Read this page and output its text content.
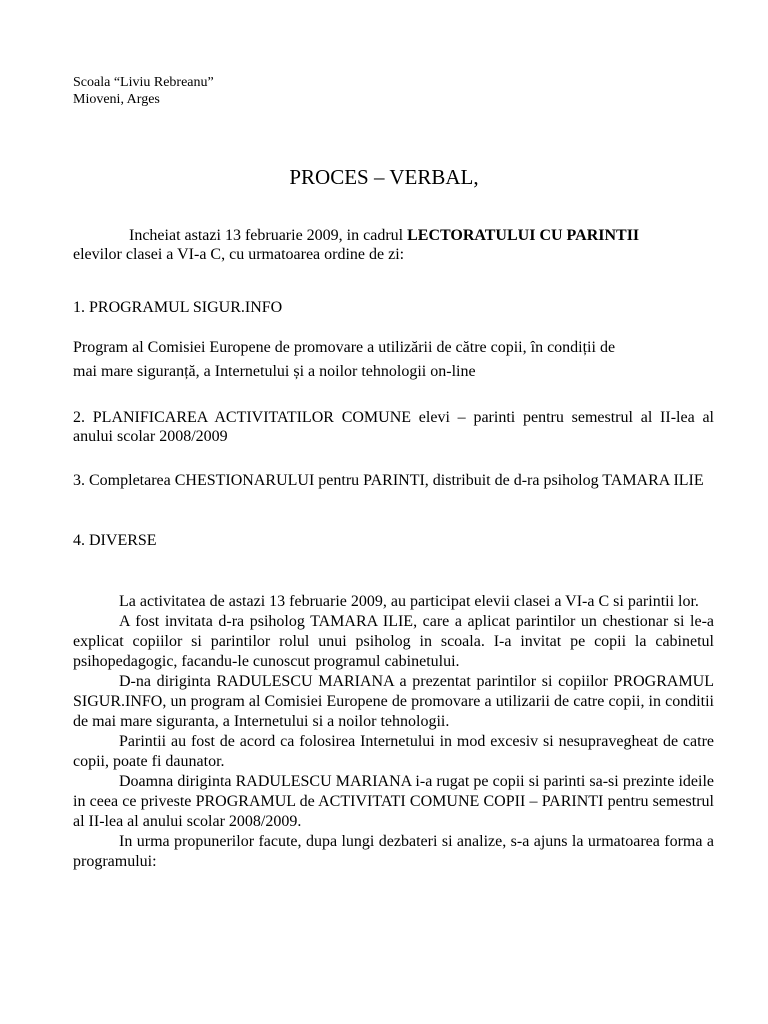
Scoala “Liviu Rebreanu”
Mioveni, Arges
PROCES – VERBAL,
Incheiat astazi 13 februarie 2009, in cadrul LECTORATULUI CU PARINTII
elevilor clasei a VI-a C, cu urmatoarea ordine de zi:
1. PROGRAMUL SIGUR.INFO
Program al Comisiei Europene de promovare a utilizării de către copii, în condiții de
mai mare siguranță, a Internetului și a noilor tehnologii on-line
2. PLANIFICAREA ACTIVITATILOR COMUNE elevi – parinti pentru semestrul al II-lea al anului scolar 2008/2009
3. Completarea CHESTIONARULUI pentru PARINTI, distribuit de d-ra psiholog TAMARA ILIE
4. DIVERSE

La activitatea de astazi 13 februarie 2009, au participat elevii clasei a VI-a C si parintii lor.

A fost invitata d-ra psiholog TAMARA ILIE, care a aplicat parintilor un chestionar si le-a explicat copiilor si parintilor rolul unui psiholog in scoala. I-a invitat pe copii la cabinetul psihopedagogic, facandu-le cunoscut programul cabinetului.

D-na diriginta RADULESCU MARIANA a prezentat parintilor si copiilor PROGRAMUL SIGUR.INFO, un program al Comisiei Europene de promovare a utilizarii de catre copii, in conditii de mai mare siguranta, a Internetului si a noilor tehnologii.

Parintii au fost de acord ca folosirea Internetului in mod excesiv si nesupravegheat de catre copii, poate fi daunator.

Doamna diriginta RADULESCU MARIANA i-a rugat pe copii si parinti sa-si prezinte ideile in ceea ce priveste PROGRAMUL de ACTIVITATI COMUNE COPII – PARINTI pentru semestrul al II-lea al anului scolar 2008/2009.

In urma propunerilor facute, dupa lungi dezbateri si analize, s-a ajuns la urmatoarea forma a programului:
